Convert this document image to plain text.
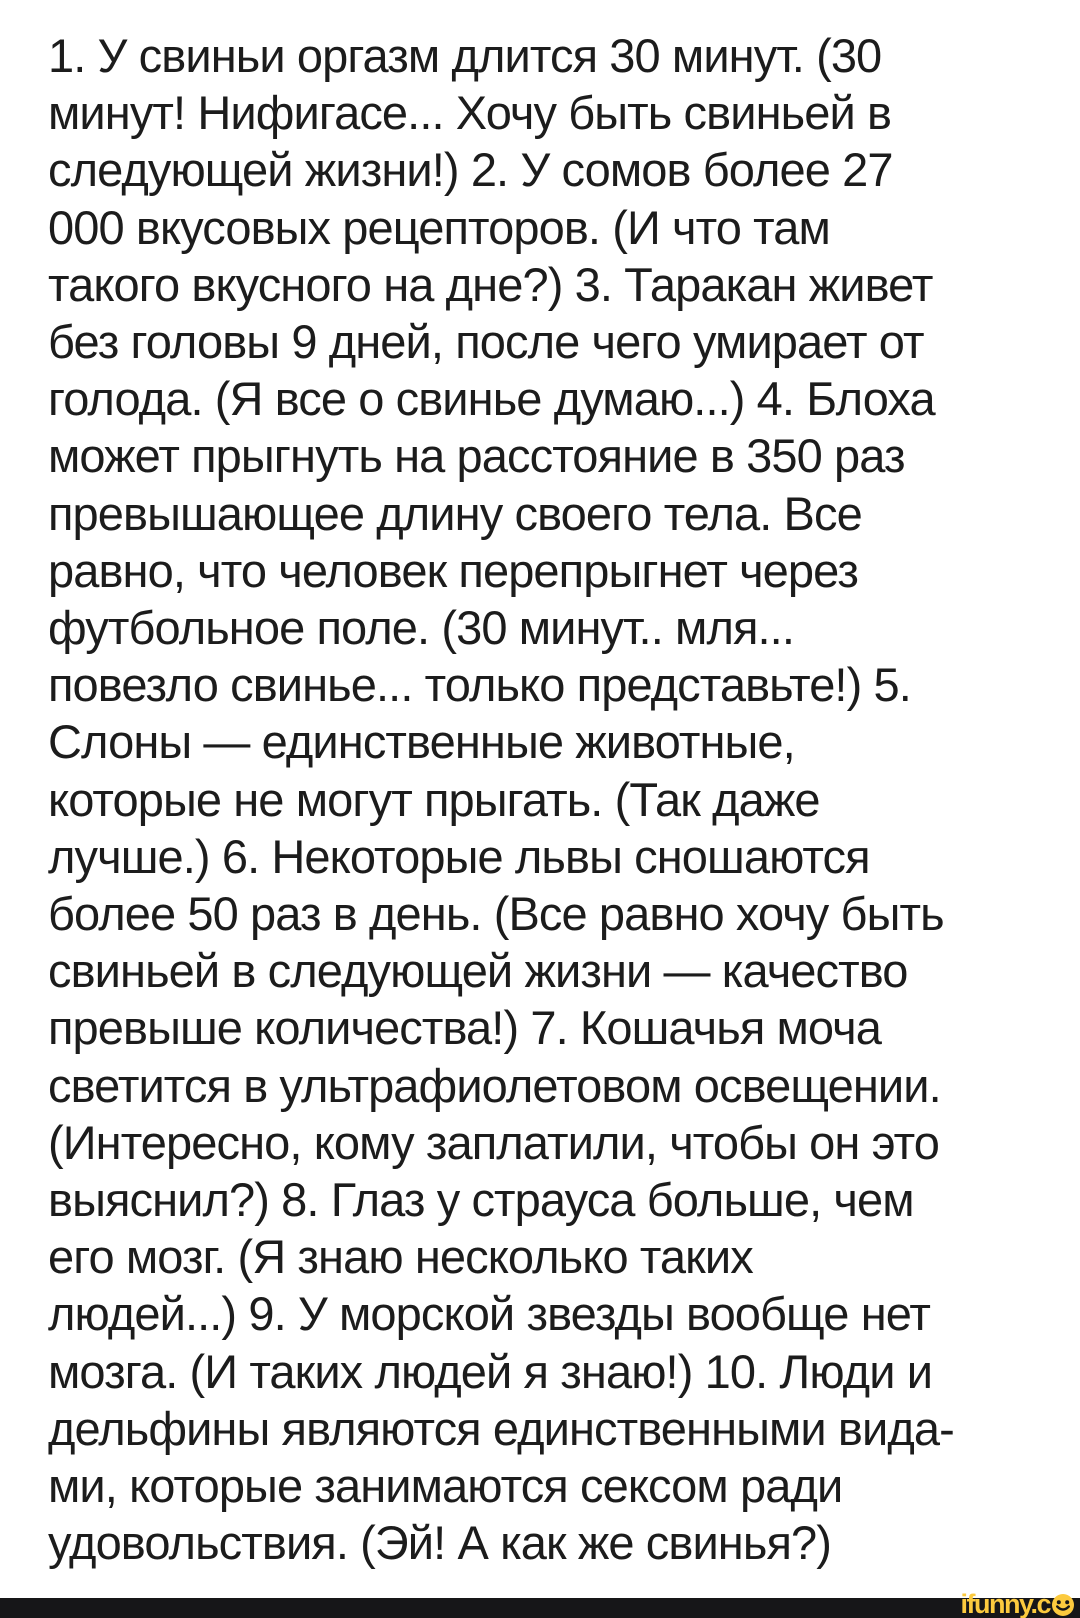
1. У свиньи оргазм длится 30 минут. (30
минут! Нифигасе... Хочу быть свиньей в
следующей жизни!) 2. У сомов более 27
000 вкусовых рецепторов. (И что там
такого вкусного на дне?) 3. Таракан живет
без головы 9 дней, после чего умирает от
голода. (Я все о свинье думаю...) 4. Блоха
может прыгнуть на расстояние в 350 раз
превышающее длину своего тела. Все
равно, что человек перепрыгнет через
футбольное поле. (30 минут.. мля...
повезло свинье... только представьте!) 5.
Слоны — единственные животные,
которые не могут прыгать. (Так даже
лучше.) 6. Некоторые львы сношаются
более 50 раз в день. (Все равно хочу быть
свиньей в следующей жизни — качество
превыше количества!) 7. Кошачья моча
светится в ультрафиолетовом освещении.
(Интересно, кому заплатили, чтобы он это
выяснил?) 8. Глаз у страуса больше, чем
его мозг. (Я знаю несколько таких
людей...) 9. У морской звезды вообще нет
мозга. (И таких людей я знаю!) 10. Люди и
дельфины являются единственными вида-
ми, которые занимаются сексом ради
удовольствия. (Эй! А как же свинья?)
ifunny.c
